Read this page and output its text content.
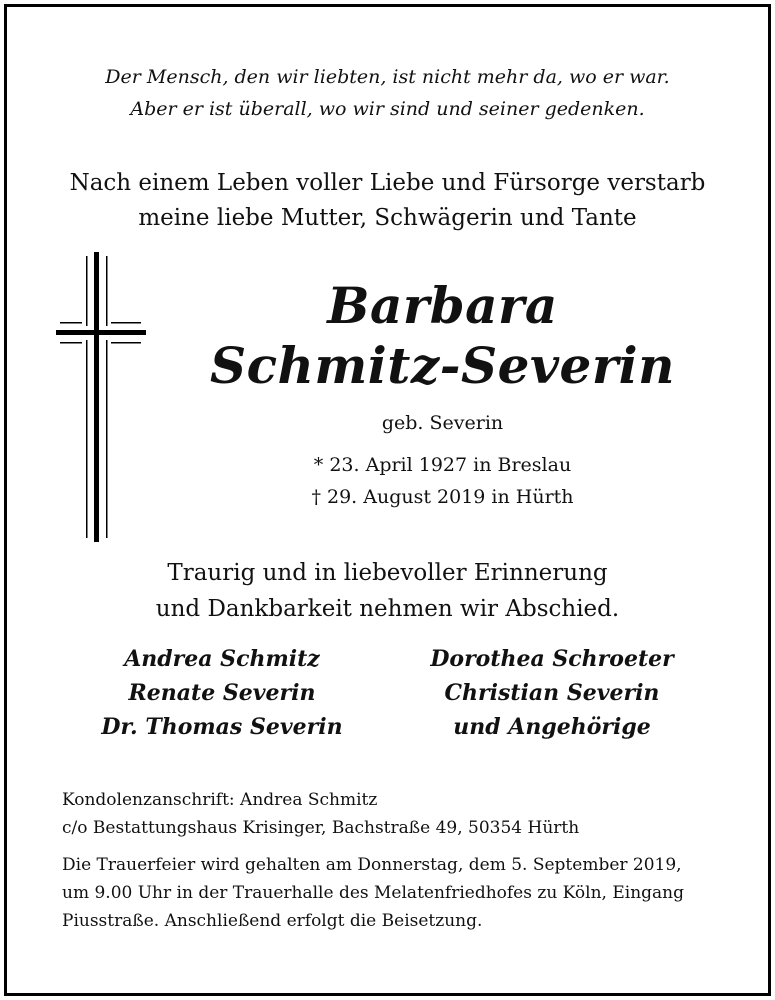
Der Mensch, den wir liebten, ist nicht mehr da, wo er war.
Aber er ist überall, wo wir sind und seiner gedenken.
Nach einem Leben voller Liebe und Fürsorge verstarb
meine liebe Mutter, Schwägerin und Tante
Barbara
Schmitz-Severin
geb. Severin
* 23. April 1927 in Breslau
† 29. August 2019 in Hürth
Traurig und in liebevoller Erinnerung
und Dankbarkeit nehmen wir Abschied.
Andrea Schmitz
Renate Severin
Dr. Thomas Severin
Dorothea Schroeter
Christian Severin
und Angehörige
Kondolenzanschrift: Andrea Schmitz
c/o Bestattungshaus Krisinger, Bachstraße 49, 50354 Hürth
Die Trauerfeier wird gehalten am Donnerstag, dem 5. September 2019,
um 9.00 Uhr in der Trauerhalle des Melatenfriedhofes zu Köln, Eingang
Piusstraße. Anschließend erfolgt die Beisetzung.
